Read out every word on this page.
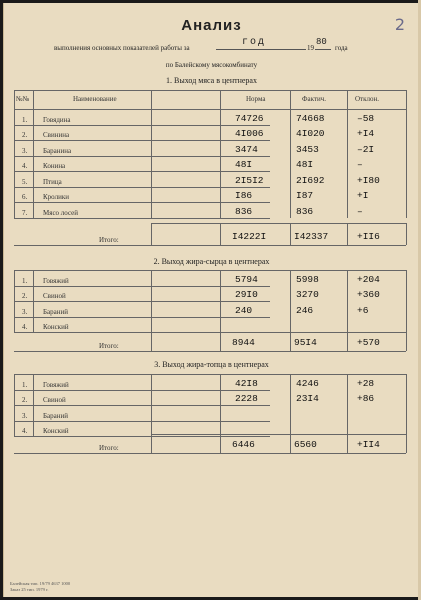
2
Анализ
выполнения основных показателей работы за	год	19
80
года
по Балейскому мясокомбинату
1. Выход мяса в центнерах
№№	Наименование	Норма	Фактич.	Отклон.
1. Говядина	74726	74668	–58
2. Свинина	4I006	4I020	+I4
3. Баранина	3474	3453	–2I
4. Конина	48I	48I	–
5. Птица	2I5I2	2I692	+I80
6. Кролики	I86	I87	+I
7. Мясо лосей	836	836	–
Итого:	I4222I	I42337	+II6
2. Выход жира-сырца в центнерах
1. Говяжий	5794	5998	+204
2. Свиной	29I0	3270	+360
3. Бараний	240	246	+6
4. Конский
Итого:	8944	95I4	+570
3. Выход жира-топца в центнерах
1. Говяжий	42I8	4246	+28
2. Свиной	2228	23I4	+86
3. Бараний
4. Конский
Итого:	6446	6560	+II4
Балейская тип. 19/79 4637 1000
Заказ 25 тип. 1979 г.
